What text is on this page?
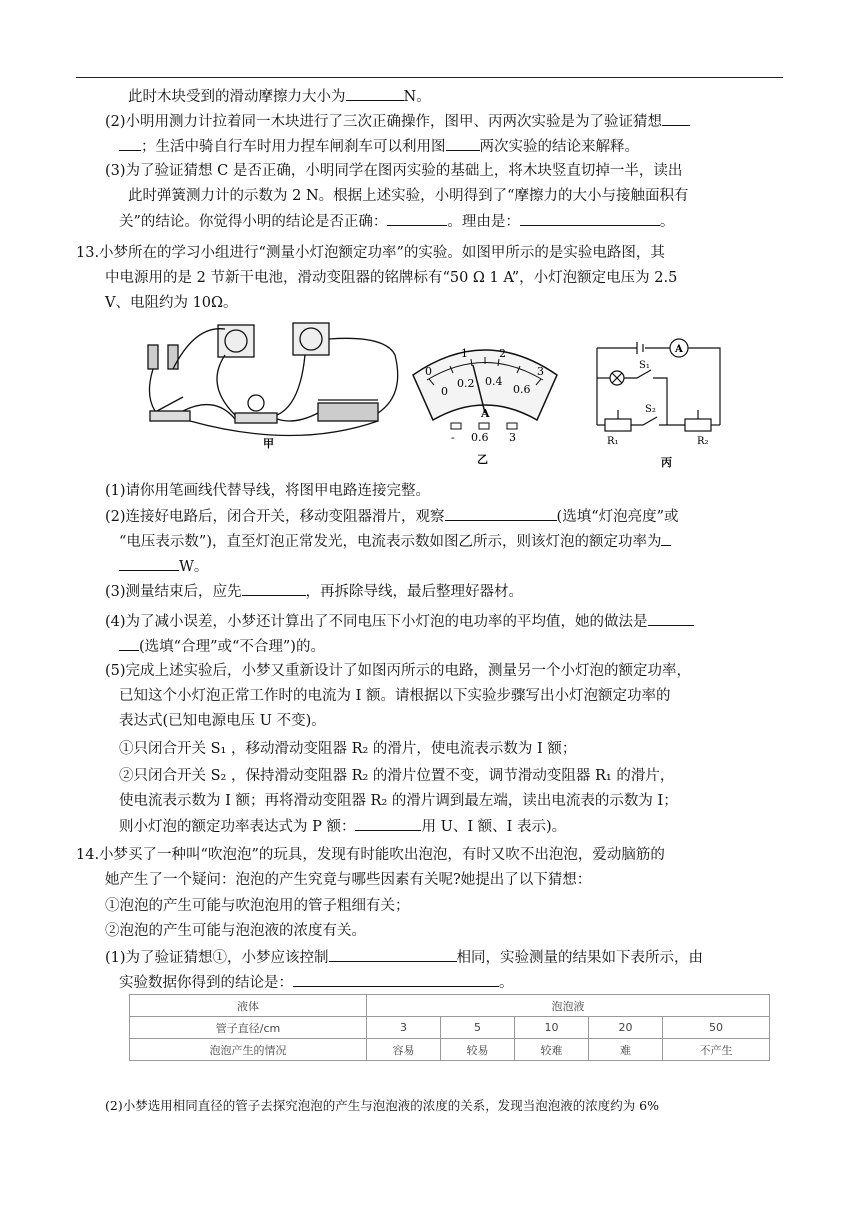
此时木块受到的滑动摩擦力大小为	N。
(2)小明用测力计拉着同一木块进行了三次正确操作，图甲、丙两次实验是为了验证猜想
；生活中骑自行车时用力捏车闸刹车可以利用图 两次实验的结论来解释。
(3)为了验证猜想 C 是否正确，小明同学在图丙实验的基础上，将木块竖直切掉一半，读出
此时弹簧测力计的示数为 2 N。根据上述实验，小明得到了“摩擦力的大小与接触面积有
关”的结论。你觉得小明的结论是否正确：	。理由是：	。
13.小梦所在的学习小组进行“测量小灯泡额定功率”的实验。如图甲所示的是实验电路图，其
中电源用的是 2 节新干电池，滑动变阻器的铭牌标有“50 Ω 1 A”，小灯泡额定电压为 2.5
V、电阻约为 10Ω。
甲
0
1	2
3
0
0.2 0.4
0.6
A
- 0.6 3
乙
A
S₁
S₂
R₁	R₂
丙
(1)请你用笔画线代替导线，将图甲电路连接完整。
(2)连接好电路后，闭合开关，移动变阻器滑片，观察	(选填“灯泡亮度”或
“电压表示数”)，直至灯泡正常发光，电流表示数如图乙所示，则该灯泡的额定功率为
W。
(3)测量结束后，应先	，再拆除导线，最后整理好器材。
(4)为了减小误差，小梦还计算出了不同电压下小灯泡的电功率的平均值，她的做法是
(选填“合理”或“不合理”)的。
(5)完成上述实验后，小梦又重新设计了如图丙所示的电路，测量另一个小灯泡的额定功率，
已知这个小灯泡正常工作时的电流为 I 额。请根据以下实验步骤写出小灯泡额定功率的
表达式(已知电源电压 U 不变)。
①只闭合开关 S₁ ，移动滑动变阻器 R₂ 的滑片，使电流表示数为 I 额；
②只闭合开关 S₂ ，保持滑动变阻器 R₂ 的滑片位置不变，调节滑动变阻器 R₁ 的滑片，
使电流表示数为 I 额；再将滑动变阻器 R₂ 的滑片调到最左端，读出电流表的示数为 I；
则小灯泡的额定功率表达式为 P 额：	用 U、I 额、I 表示)。
14.小梦买了一种叫“吹泡泡”的玩具，发现有时能吹出泡泡，有时又吹不出泡泡，爱动脑筋的
她产生了一个疑问：泡泡的产生究竟与哪些因素有关呢?她提出了以下猜想：
①泡泡的产生可能与吹泡泡用的管子粗细有关；
②泡泡的产生可能与泡泡液的浓度有关。
(1)为了验证猜想①，小梦应该控制	相同，实验测量的结果如下表所示，由
实验数据你得到的结论是：	。
液体	泡泡液				
管子直径/cm	3	5	10	20	50
泡泡产生的情况	容易	较易	较难	难	不产生
(2)小梦选用相同直径的管子去探究泡泡的产生与泡泡液的浓度的关系，发现当泡泡液的浓度约为 6%
